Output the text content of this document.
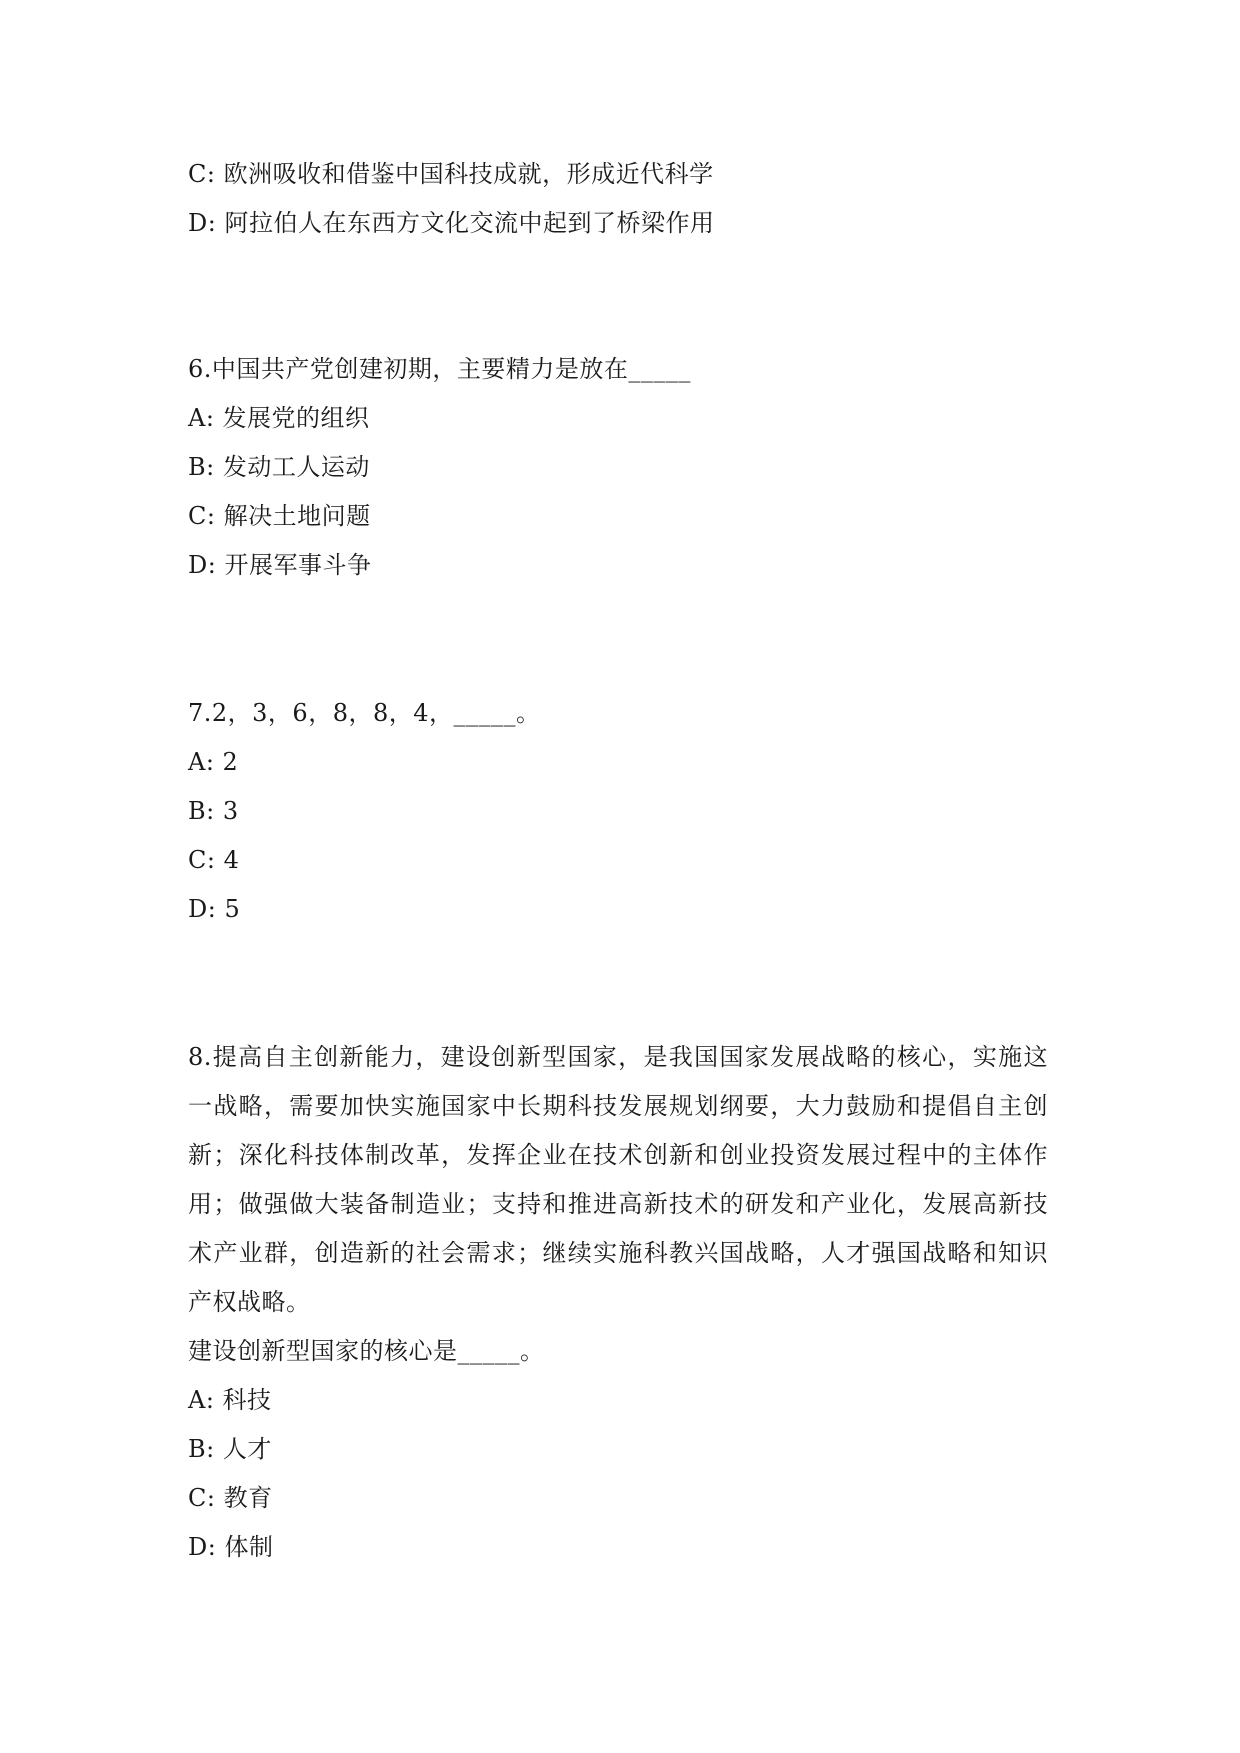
C: 欧洲吸收和借鉴中国科技成就，形成近代科学
D: 阿拉伯人在东西方文化交流中起到了桥梁作用
6.中国共产党创建初期，主要精力是放在_____
A: 发展党的组织
B: 发动工人运动
C: 解决土地问题
D: 开展军事斗争
7.2，3，6，8，8，4，_____。
A: 2
B: 3
C: 4
D: 5
8.提高自主创新能力，建设创新型国家，是我国国家发展战略的核心，实施这
一战略，需要加快实施国家中长期科技发展规划纲要，大力鼓励和提倡自主创
新；深化科技体制改革，发挥企业在技术创新和创业投资发展过程中的主体作
用；做强做大装备制造业；支持和推进高新技术的研发和产业化，发展高新技
术产业群，创造新的社会需求；继续实施科教兴国战略，人才强国战略和知识
产权战略。
建设创新型国家的核心是_____。
A: 科技
B: 人才
C: 教育
D: 体制
